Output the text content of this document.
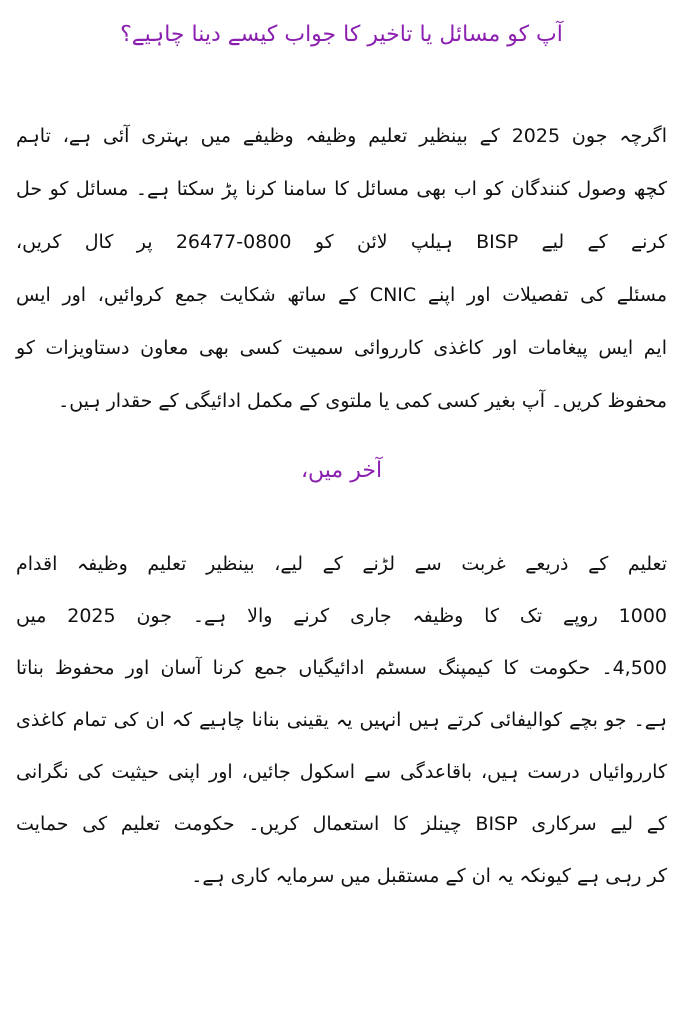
آپ کو مسائل یا تاخیر کا جواب کیسے دینا چاہیے؟
اگرچہ جون 2025 کے بینظیر تعلیم وظیفہ وظیفے میں بہتری آئی ہے، تاہم
کچھ وصول کنندگان کو اب بھی مسائل کا سامنا کرنا پڑ سکتا ہے۔ مسائل کو حل
کرنے کے لیے BISP ہیلپ لائن کو 0800-26477 پر کال کریں،
مسئلے کی تفصیلات اور اپنے CNIC کے ساتھ شکایت جمع کروائیں، اور ایس
ایم ایس پیغامات اور کاغذی کارروائی سمیت کسی بھی معاون دستاویزات کو
محفوظ کریں۔ آپ بغیر کسی کمی یا ملتوی کے مکمل ادائیگی کے حقدار ہیں۔
آخر میں،
تعلیم کے ذریعے غربت سے لڑنے کے لیے، بینظیر تعلیم وظیفہ اقدام
1000 روپے تک کا وظیفہ جاری کرنے والا ہے۔ جون 2025 میں
4,500۔ حکومت کا کیمپنگ سسٹم ادائیگیاں جمع کرنا آسان اور محفوظ بناتا
ہے۔ جو بچے کوالیفائی کرتے ہیں انہیں یہ یقینی بنانا چاہیے کہ ان کی تمام کاغذی
کارروائیاں درست ہیں، باقاعدگی سے اسکول جائیں، اور اپنی حیثیت کی نگرانی
کے لیے سرکاری BISP چینلز کا استعمال کریں۔ حکومت تعلیم کی حمایت
کر رہی ہے کیونکہ یہ ان کے مستقبل میں سرمایہ کاری ہے۔
